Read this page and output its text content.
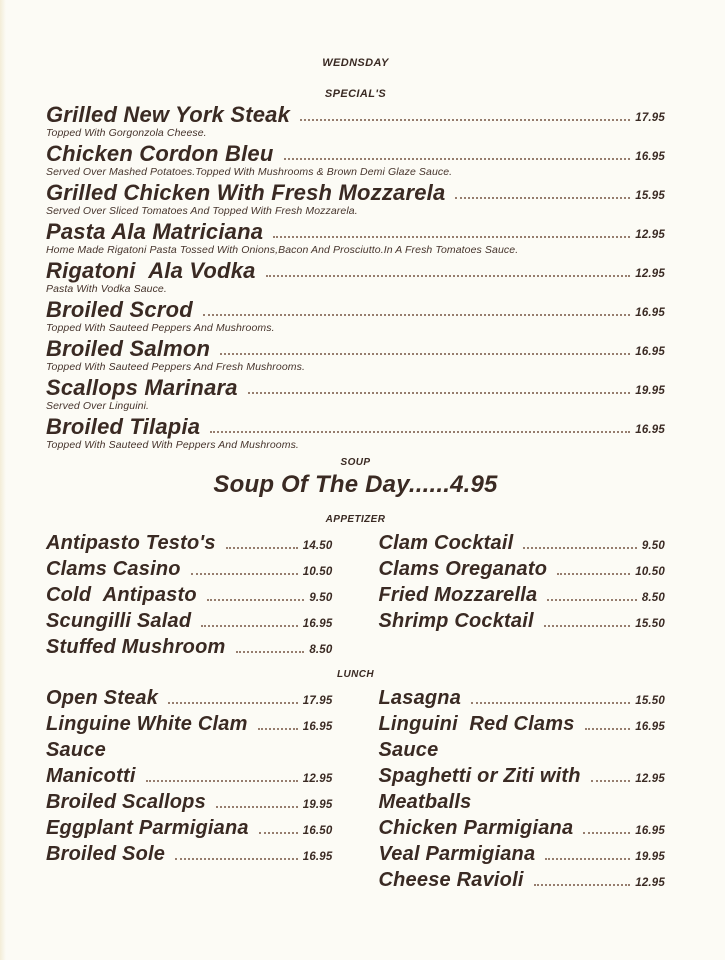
WEDNSDAY
SPECIAL'S
Grilled New York Steak	17.95
Topped With Gorgonzola Cheese.
Chicken Cordon Bleu	16.95
Served Over Mashed Potatoes.Topped With Mushrooms & Brown Demi Glaze Sauce.
Grilled Chicken With Fresh Mozzarela	15.95
Served Over Sliced Tomatoes And Topped With Fresh Mozzarela.
Pasta Ala Matriciana	12.95
Home Made Rigatoni Pasta Tossed With Onions,Bacon And Prosciutto.In A Fresh Tomatoes Sauce.
Rigatoni  Ala Vodka	12.95
Pasta With Vodka Sauce.
Broiled Scrod	16.95
Topped With Sauteed Peppers And Mushrooms.
Broiled Salmon	16.95
Topped With Sauteed Peppers And Fresh Mushrooms.
Scallops Marinara	19.95
Served Over Linguini.
Broiled Tilapia	16.95
Topped With Sauteed With Peppers And Mushrooms.
SOUP
Soup Of The Day......4.95
APPETIZER
Antipasto Testo's	14.50
Clams Casino	10.50
Cold  Antipasto	9.50
Scungilli Salad	16.95
Stuffed Mushroom	8.50
Clam Cocktail	9.50
Clams Oreganato	10.50
Fried Mozzarella	8.50
Shrimp Cocktail	15.50
LUNCH
Open Steak	17.95
Linguine White Clam	16.95
Sauce
Manicotti	12.95
Broiled Scallops	19.95
Eggplant Parmigiana	16.50
Broiled Sole	16.95
Lasagna	15.50
Linguini  Red Clams	16.95
Sauce
Spaghetti or Ziti with	12.95
Meatballs
Chicken Parmigiana	16.95
Veal Parmigiana	19.95
Cheese Ravioli	12.95
